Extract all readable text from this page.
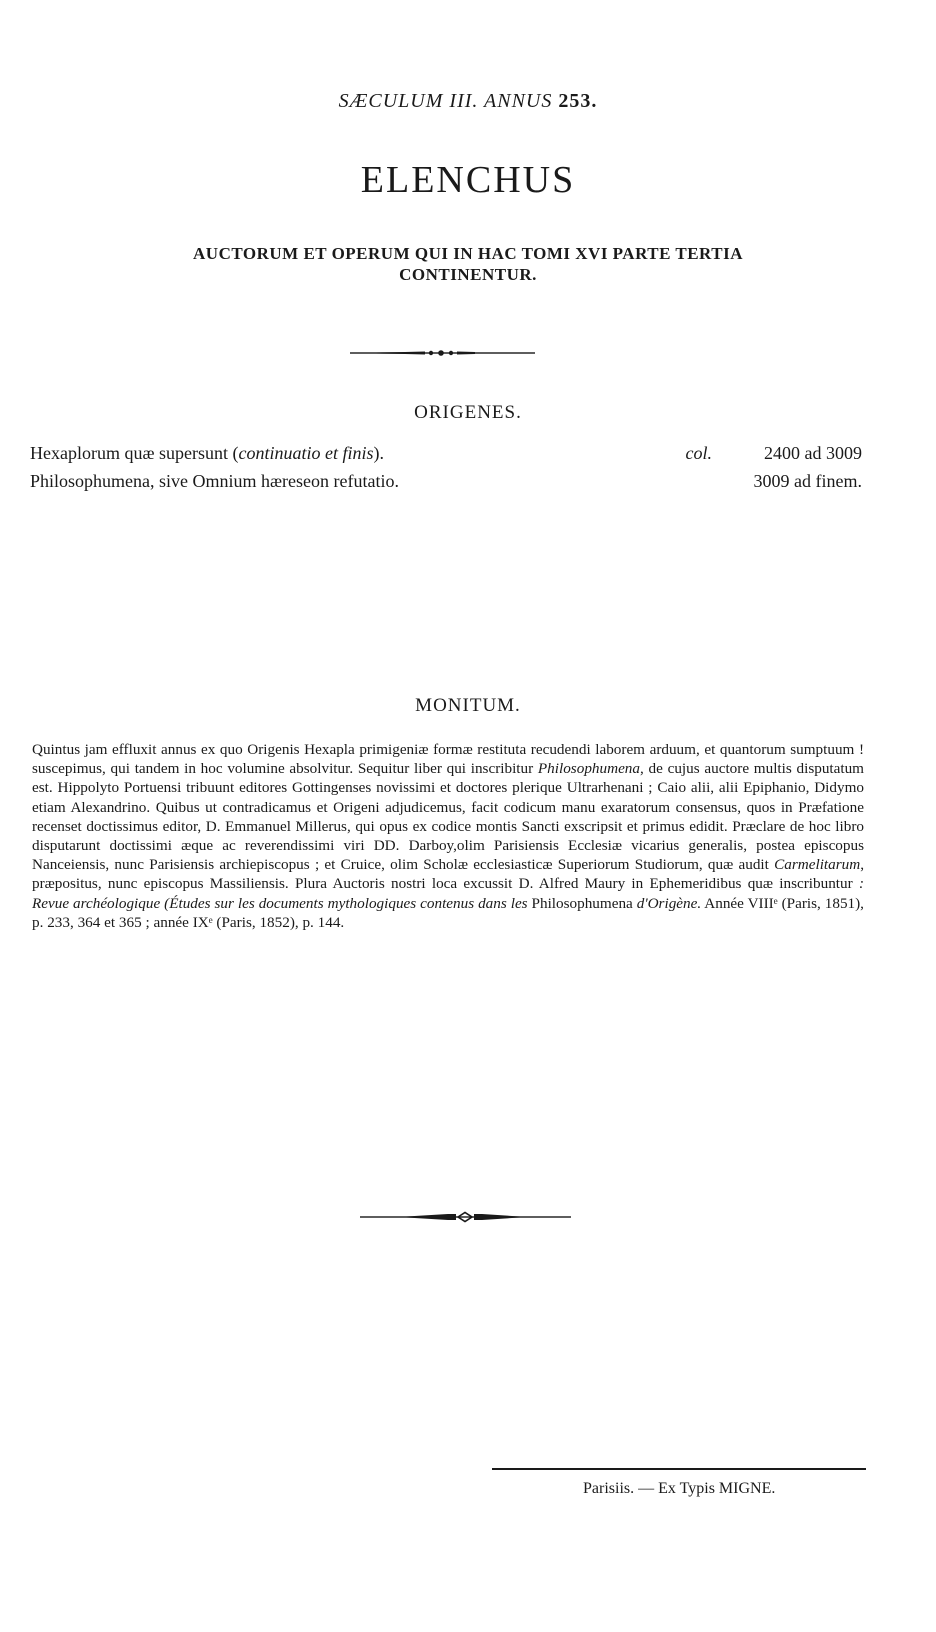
SÆCULUM III. ANNUS 253.
ELENCHUS
AUCTORUM ET OPERUM QUI IN HAC TOMI XVI PARTE TERTIA
CONTINENTUR.
ORIGENES.
Hexaplorum quæ supersunt (continuatio et finis).	col.	2400 ad 3009
Philosophumena, sive Omnium hæreseon refutatio.	3009 ad finem.
MONITUM.
Quintus jam effluxit annus ex quo Origenis Hexapla primigeniæ formæ restituta recudendi laborem arduum, et quantorum sumptuum ! suscepimus, qui tandem in hoc volumine absolvitur. Sequitur liber qui inscribitur Philosophumena, de cujus auctore multis disputatum est. Hippolyto Portuensi tribuunt editores Gottingenses novissimi et doctores plerique Ultrarhenani ; Caio alii, alii Epiphanio, Didymo etiam Alexandrino. Quibus ut contradicamus et Origeni adjudicemus, facit codicum manu exaratorum consensus, quos in Præfatione recenset doctissimus editor, D. Emmanuel Millerus, qui opus ex codice montis Sancti exscripsit et primus edidit. Præclare de hoc libro disputarunt doctissimi æque ac reverendissimi viri DD. Darboy,olim Parisiensis Ecclesiæ vicarius generalis, postea episcopus Nanceiensis, nunc Parisiensis archiepiscopus ; et Cruice, olim Scholæ ecclesiasticæ Superiorum Studiorum, quæ audit Carmelitarum, præpositus, nunc episcopus Massiliensis. Plura Auctoris nostri loca excussit D. Alfred Maury in Ephemeridibus quæ inscribuntur : Revue archéologique (Études sur les documents mythologiques contenus dans les Philosophumena d'Origène. Année VIIIᵉ (Paris, 1851), p. 233, 364 et 365 ; année IXᵉ (Paris, 1852), p. 144.
Parisiis. — Ex Typis MIGNE.
